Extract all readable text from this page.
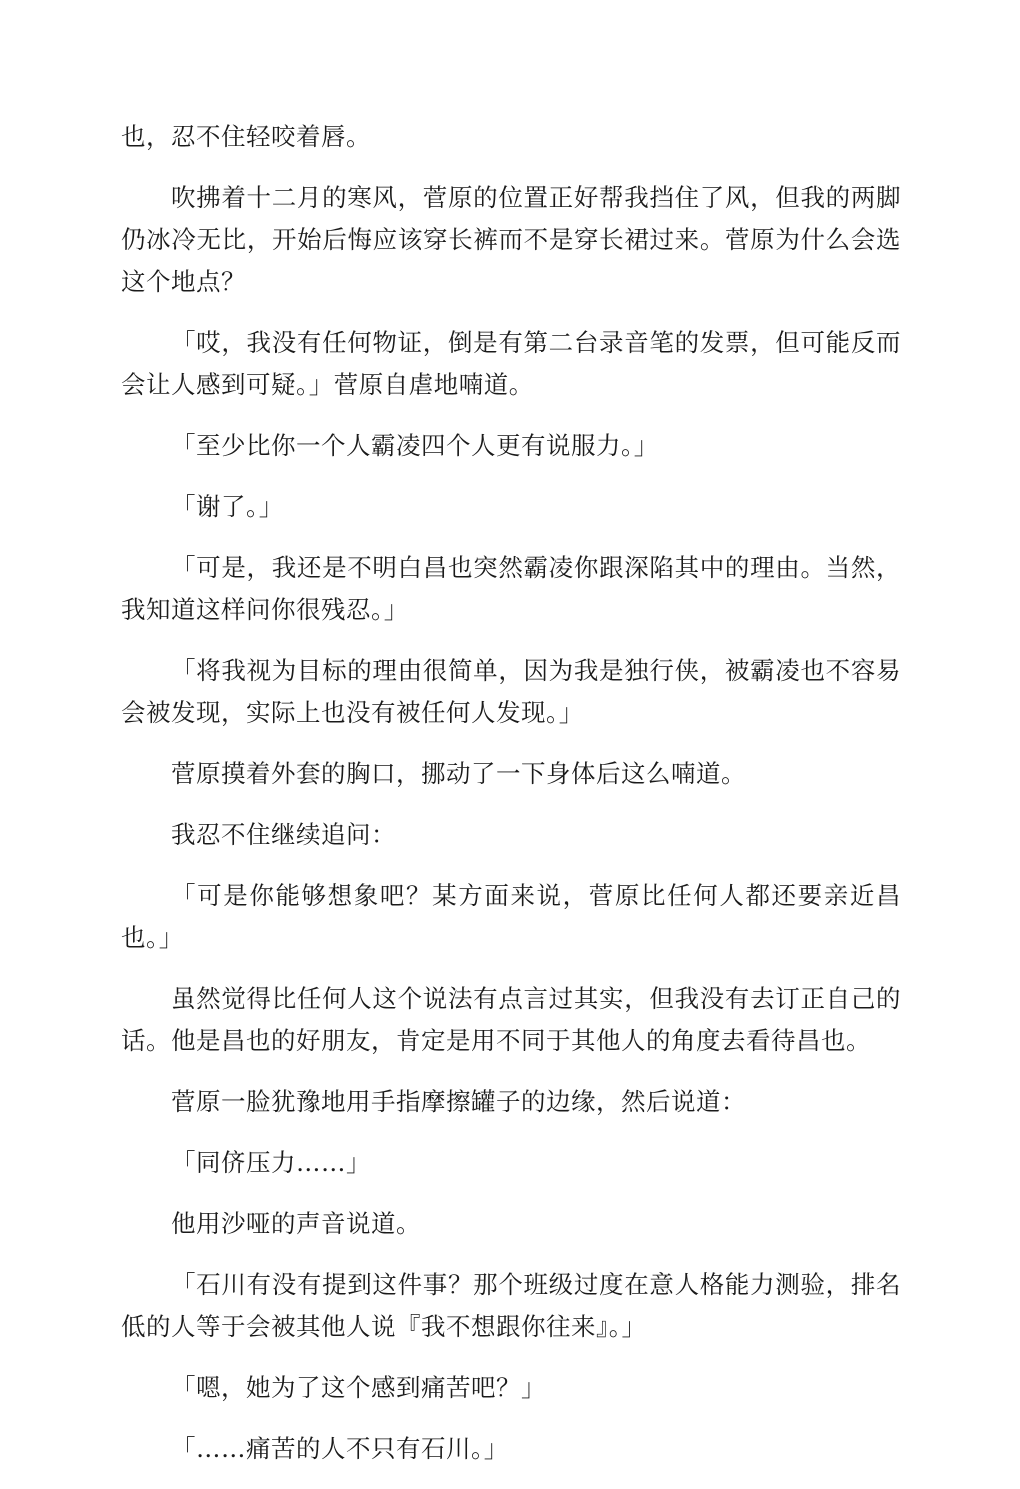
也，忍不住轻咬着唇。

吹拂着十二月的寒风，菅原的位置正好帮我挡住了风，但我的两脚仍冰冷无比，开始后悔应该穿长裤而不是穿长裙过来。菅原为什么会选这个地点？

「哎，我没有任何物证，倒是有第二台录音笔的发票，但可能反而会让人感到可疑。」菅原自虐地喃道。

「至少比你一个人霸凌四个人更有说服力。」

「谢了。」

「可是，我还是不明白昌也突然霸凌你跟深陷其中的理由。当然，我知道这样问你很残忍。」

「将我视为目标的理由很简单，因为我是独行侠，被霸凌也不容易会被发现，实际上也没有被任何人发现。」

菅原摸着外套的胸口，挪动了一下身体后这么喃道。

我忍不住继续追问：

「可是你能够想象吧？某方面来说，菅原比任何人都还要亲近昌也。」

虽然觉得比任何人这个说法有点言过其实，但我没有去订正自己的话。他是昌也的好朋友，肯定是用不同于其他人的角度去看待昌也。

菅原一脸犹豫地用手指摩擦罐子的边缘，然后说道：

「同侪压力……」

他用沙哑的声音说道。

「石川有没有提到这件事？那个班级过度在意人格能力测验，排名低的人等于会被其他人说『我不想跟你往来』。」

「嗯，她为了这个感到痛苦吧？」

「……痛苦的人不只有石川。」
